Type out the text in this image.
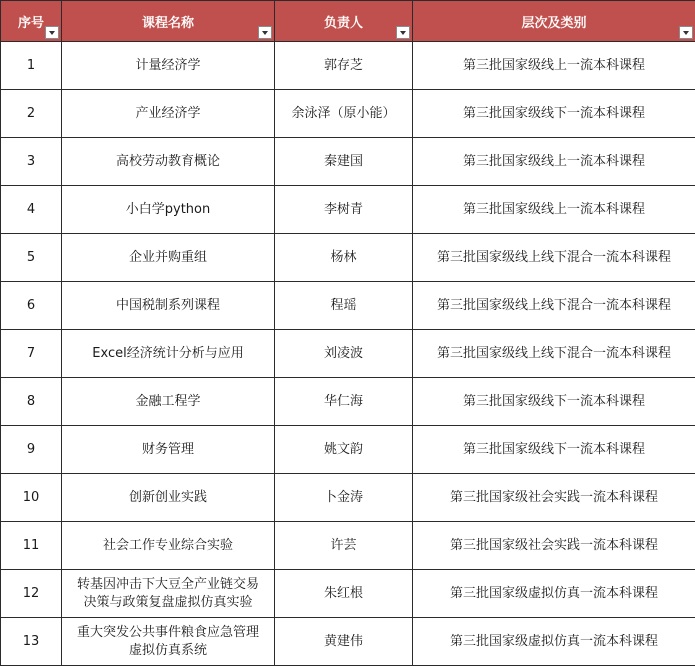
序号	课程名称	负责人	层次及类别

1	计量经济学	郭存芝	第三批国家级线上一流本科课程
2	产业经济学	余泳泽（原小能）	第三批国家级线下一流本科课程
3	高校劳动教育概论	秦建国	第三批国家级线上一流本科课程
4	小白学python	李树青	第三批国家级线上一流本科课程
5	企业并购重组	杨林	第三批国家级线上线下混合一流本科课程
6	中国税制系列课程	程瑶	第三批国家级线上线下混合一流本科课程
7	Excel经济统计分析与应用	刘凌波	第三批国家级线上线下混合一流本科课程
8	金融工程学	华仁海	第三批国家级线下一流本科课程
9	财务管理	姚文韵	第三批国家级线下一流本科课程
10	创新创业实践	卜金涛	第三批国家级社会实践一流本科课程
11	社会工作专业综合实验	许芸	第三批国家级社会实践一流本科课程
12	转基因冲击下大豆全产业链交易
决策与政策复盘虚拟仿真实验	朱红根	第三批国家级虚拟仿真一流本科课程
13	重大突发公共事件粮食应急管理
虚拟仿真系统	黄建伟	第三批国家级虚拟仿真一流本科课程
